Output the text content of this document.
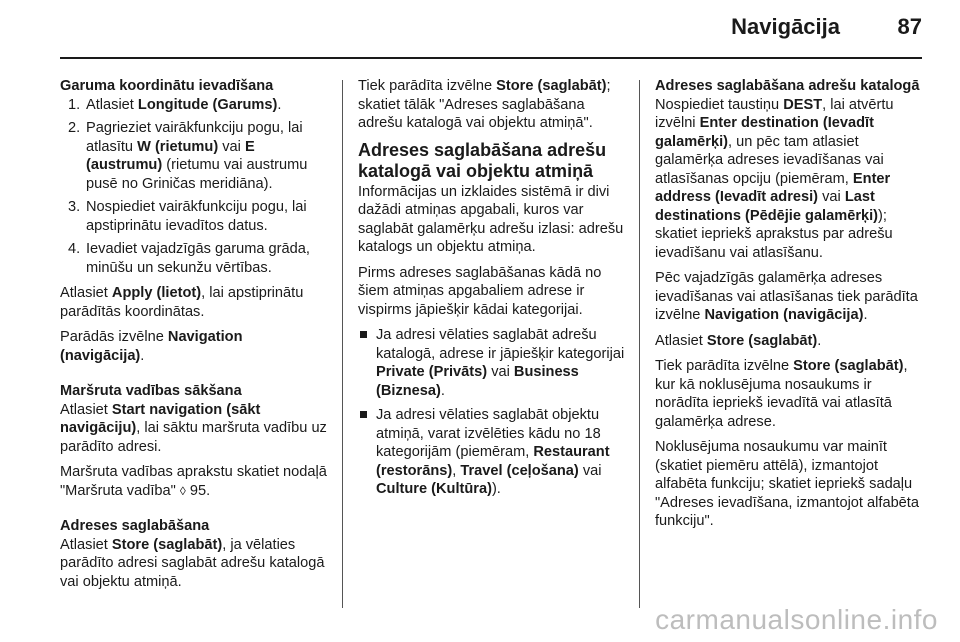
Navigācija	87
Garuma koordinātu ievadīšana
1. Atlasiet Longitude (Garums).
2. Pagrieziet vairākfunkciju pogu, lai atlasītu W (rietumu) vai E (austrumu) (rietumu vai austrumu pusē no Griničas meridiāna).
3. Nospiediet vairākfunkciju pogu, lai apstiprinātu ievadītos datus.
4. Ievadiet vajadzīgās garuma grāda, minūšu un sekunžu vērtības.

Atlasiet Apply (lietot), lai apstiprinātu parādītās koordinātas.

Parādās izvēlne Navigation (navigācija).

Maršruta vadības sākšana

Atlasiet Start navigation (sākt navigāciju), lai sāktu maršruta vadību uz parādīto adresi.

Maršruta vadības aprakstu skatiet nodaļā "Maršruta vadība" ◊ 95.

Adreses saglabāšana

Atlasiet Store (saglabāt), ja vēlaties parādīto adresi saglabāt adrešu katalogā vai objektu atmiņā.

Tiek parādīta izvēlne Store (saglabāt); skatiet tālāk "Adreses saglabāšana adrešu katalogā vai objektu atmiņā".

Adreses saglabāšana adrešu katalogā vai objektu atmiņā

Informācijas un izklaides sistēmā ir divi dažādi atmiņas apgabali, kuros var saglabāt galamērķu adrešu izlasi: adrešu katalogs un objektu atmiņa.

Pirms adreses saglabāšanas kādā no šiem atmiņas apgabaliem adrese ir vispirms jāpiešķir kādai kategorijai.

Ja adresi vēlaties saglabāt adrešu katalogā, adrese ir jāpiešķir kategorijai Private (Privāts) vai Business (Biznesa).
Ja adresi vēlaties saglabāt objektu atmiņā, varat izvēlēties kādu no 18 kategorijām (piemēram, Restaurant (restorāns), Travel (ceļošana) vai Culture (Kultūra)).
Adreses saglabāšana adrešu katalogā

Nospiediet taustiņu DEST, lai atvērtu izvēlni Enter destination (Ievadīt galamērķi), un pēc tam atlasiet galamērķa adreses ievadīšanas vai atlasīšanas opciju (piemēram, Enter address (Ievadīt adresi) vai Last destinations (Pēdējie galamērķi)); skatiet iepriekš aprakstus par adrešu ievadīšanu vai atlasīšanu.

Pēc vajadzīgās galamērķa adreses ievadīšanas vai atlasīšanas tiek parādīta izvēlne Navigation (navigācija).

Atlasiet Store (saglabāt).

Tiek parādīta izvēlne Store (saglabāt), kur kā noklusējuma nosaukums ir norādīta iepriekš ievadītā vai atlasītā galamērķa adrese.

Noklusējuma nosaukumu var mainīt (skatiet piemēru attēlā), izmantojot alfabēta funkciju; skatiet iepriekš sadaļu "Adreses ievadīšana, izmantojot alfabēta funkciju".

carmanualsonline.info
